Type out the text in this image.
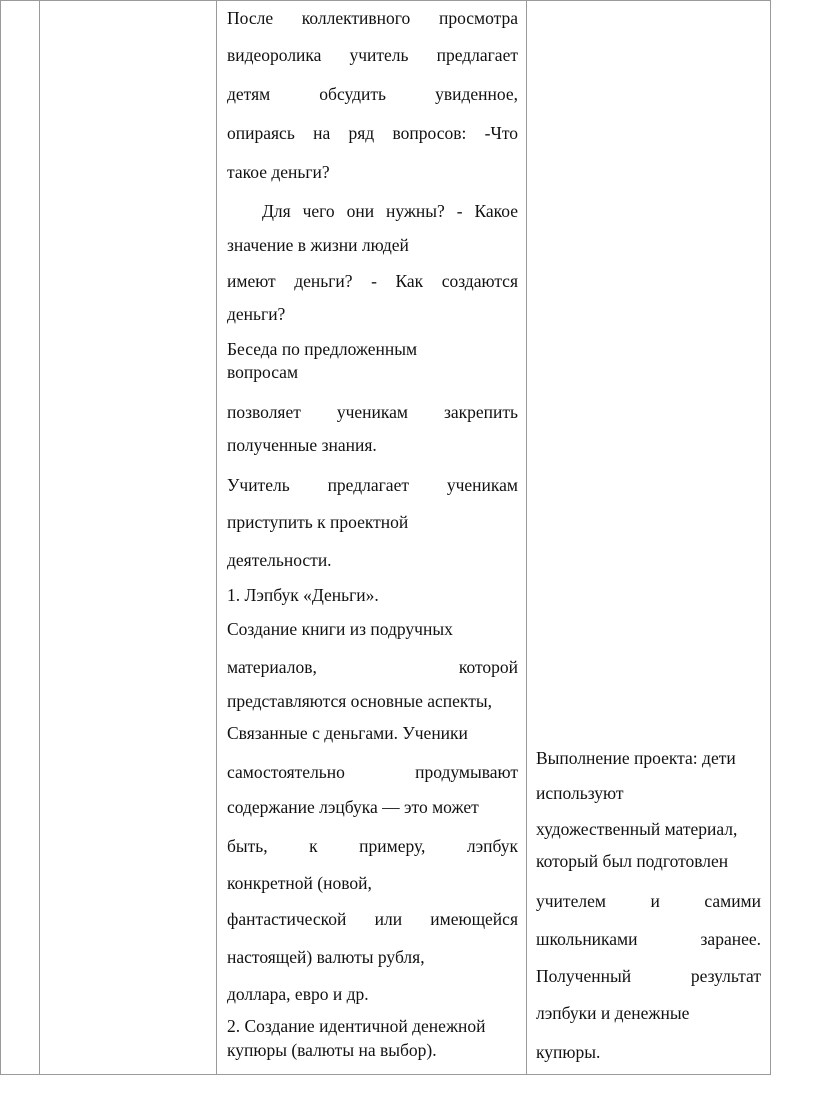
После коллективного просмотра
видеоролика учитель предлагает
детям обсудить увиденное,
опираясь на ряд вопросов: -Что
такое деньги?
Для чего они нужны? - Какое
значение в жизни людей
имеют деньги? - Как создаются
деньги?
Беседа по предложенным
вопросам
позволяет ученикам закрепить
полученные знания.
Учитель предлагает ученикам
приступить к проектной
деятельности.
1. Лэпбук «Деньги».
Создание книги из подручных
материалов, которой
представляются основные аспекты,
Связанные с деньгами. Ученики
самостоятельно продумывают
содержание лэцбука — это может
быть, к примеру, лэпбук
конкретной (новой,
фантастической или имеющейся
настоящей) валюты рубля,
доллара, евро и др.
2. Создание идентичной денежной
купюры (валюты на выбор).
Выполнение проекта: дети
используют
художественный материал,
который был подготовлен
учителем и самими
школьниками заранее.
Полученный результат
лэпбуки и денежные
купюры.
